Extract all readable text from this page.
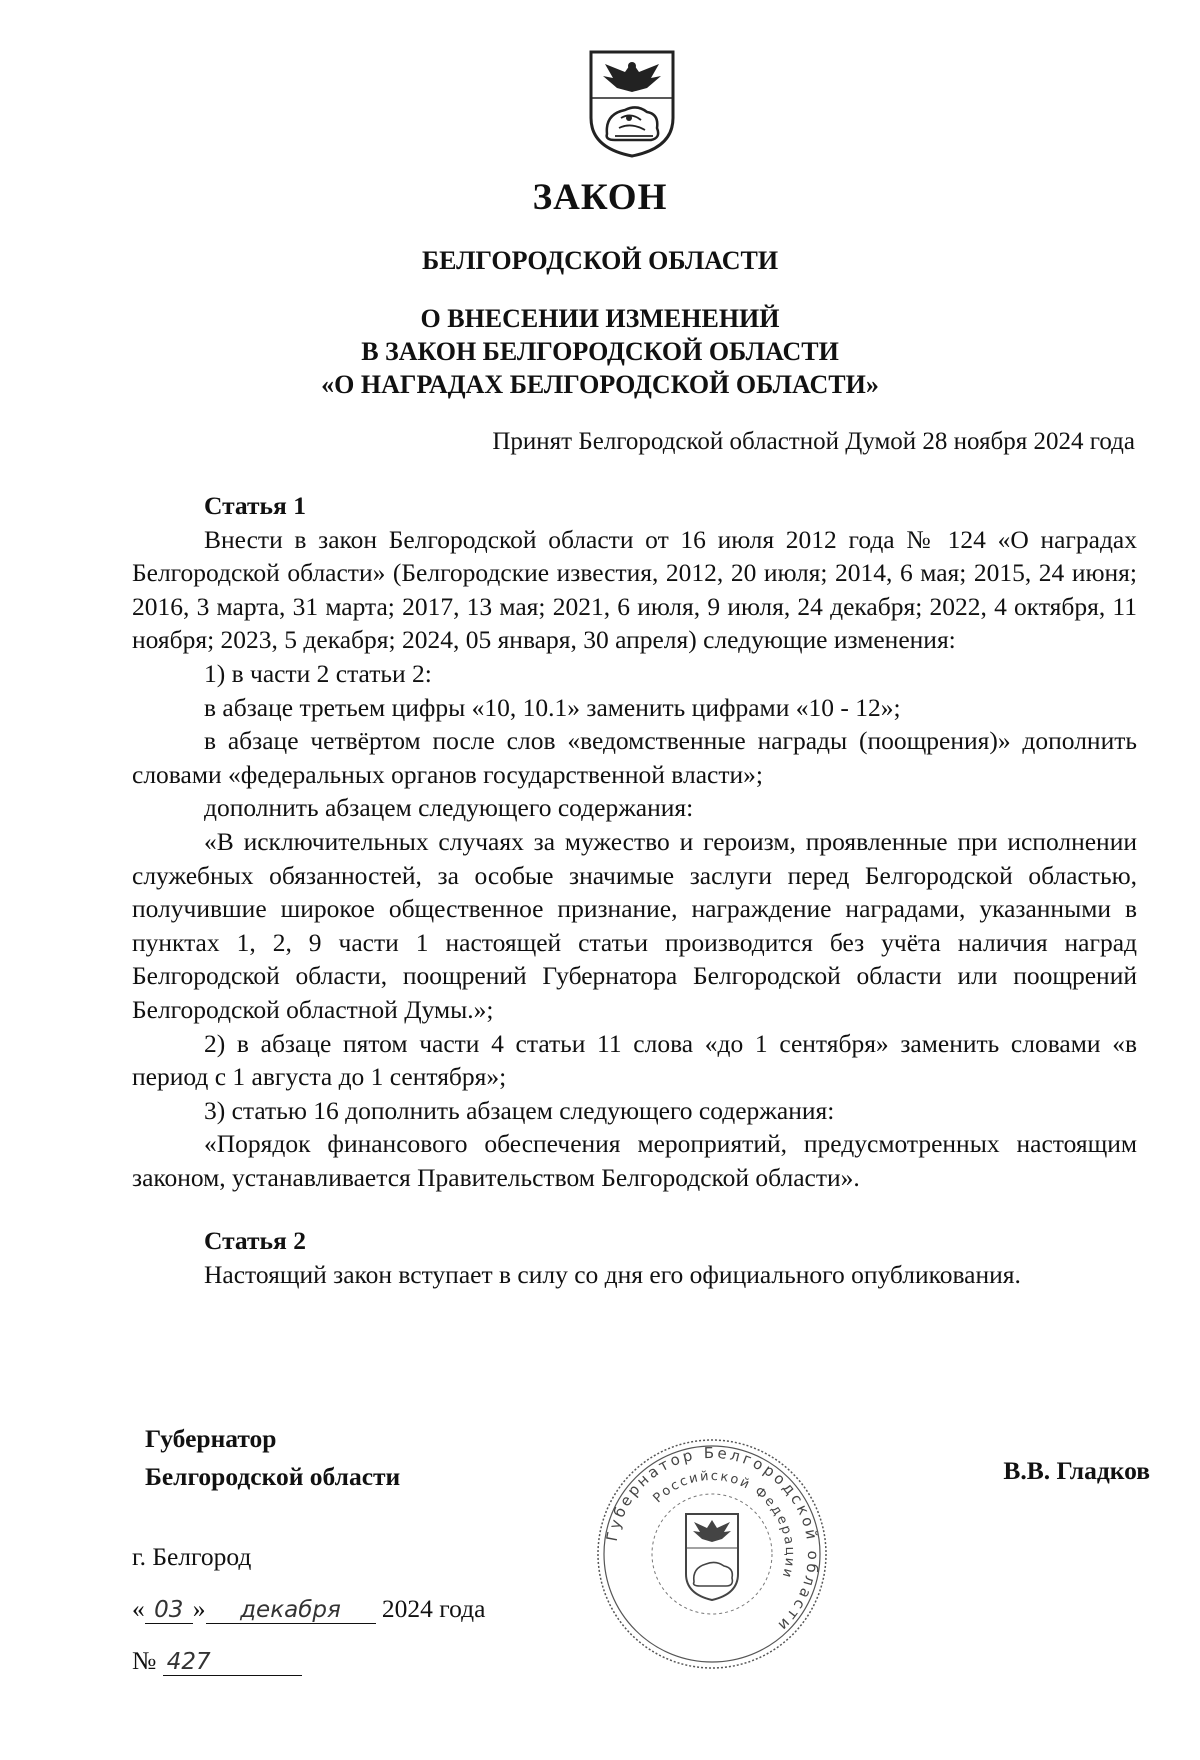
ЗАКОН
БЕЛГОРОДСКОЙ ОБЛАСТИ
О ВНЕСЕНИИ ИЗМЕНЕНИЙ
В ЗАКОН БЕЛГОРОДСКОЙ ОБЛАСТИ
«О НАГРАДАХ БЕЛГОРОДСКОЙ ОБЛАСТИ»
Принят Белгородской областной Думой 28 ноября 2024 года

Статья 1

Внести в закон Белгородской области от 16 июля 2012 года № 124 «О наградах Белгородской области» (Белгородские известия, 2012, 20 июля; 2014, 6 мая; 2015, 24 июня; 2016, 3 марта, 31 марта; 2017, 13 мая; 2021, 6 июля, 9 июля, 24 декабря; 2022, 4 октября, 11 ноября; 2023, 5 декабря; 2024, 05 января, 30 апреля) следующие изменения:

1) в части 2 статьи 2:

в абзаце третьем цифры «10, 10.1» заменить цифрами «10 - 12»;

в абзаце четвёртом после слов «ведомственные награды (поощрения)» дополнить словами «федеральных органов государственной власти»;

дополнить абзацем следующего содержания:

«В исключительных случаях за мужество и героизм, проявленные при исполнении служебных обязанностей, за особые значимые заслуги перед Белгородской областью, получившие широкое общественное признание, награждение наградами, указанными в пунктах 1, 2, 9 части 1 настоящей статьи производится без учёта наличия наград Белгородской области, поощрений Губернатора Белгородской области или поощрений Белгородской областной Думы.»;

2) в абзаце пятом части 4 статьи 11 слова «до 1 сентября» заменить словами «в период с 1 августа до 1 сентября»;

3) статью 16 дополнить абзацем следующего содержания:

«Порядок финансового обеспечения мероприятий, предусмотренных настоящим законом, устанавливается Правительством Белгородской области».

Статья 2

Настоящий закон вступает в силу со дня его официального опубликования.

Губернатор
Белгородской области	В.В. Гладков
г. Белгород
« 03 » декабря 2024 года
№ 427
Губернатор Белгородской области
Российской Федерации
